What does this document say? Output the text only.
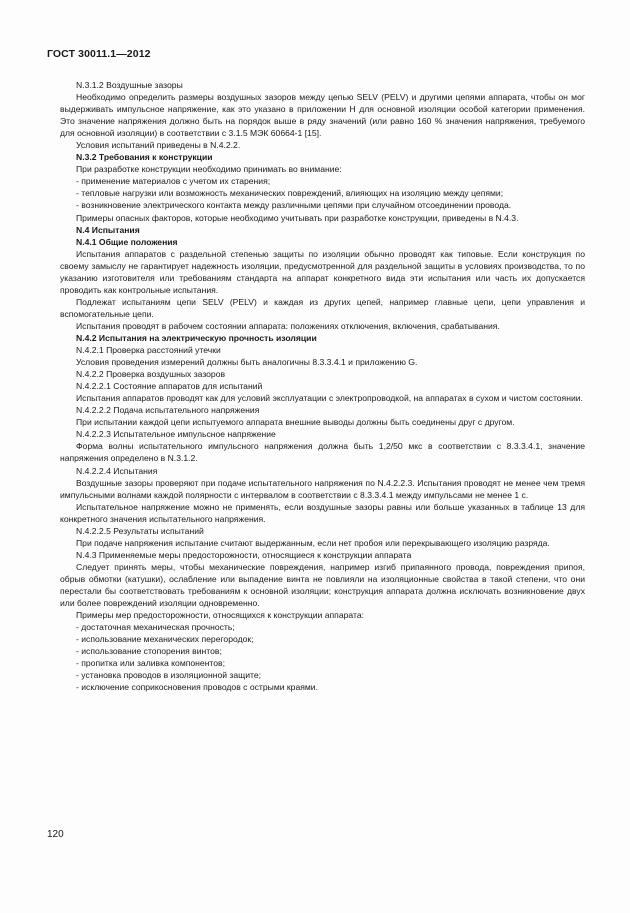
ГОСТ 30011.1—2012

N.3.1.2 Воздушные зазоры

Необходимо определить размеры воздушных зазоров между цепью SELV (PELV) и другими цепями аппарата, чтобы он мог выдерживать импульсное напряжение, как это указано в приложении Н для основной изоляции особой категории применения. Это значение напряжения должно быть на порядок выше в ряду значений (или равно 160 % значения напряжения, требуемого для основной изоляции) в соответствии с 3.1.5 МЭК 60664-1 [15].

Условия испытаний приведены в N.4.2.2.

N.3.2 Требования к конструкции

При разработке конструкции необходимо принимать во внимание:

- применение материалов с учетом их старения;

- тепловые нагрузки или возможность механических повреждений, влияющих на изоляцию между цепями;

- возникновение электрического контакта между различными цепями при случайном отсоединении провода.

Примеры опасных факторов, которые необходимо учитывать при разработке конструкции, приведены в N.4.3.

N.4 Испытания

N.4.1 Общие положения

Испытания аппаратов с раздельной степенью защиты по изоляции обычно проводят как типовые. Если конструкция по своему замыслу не гарантирует надежность изоляции, предусмотренной для раздельной защиты в условиях производства, то по указанию изготовителя или требованиям стандарта на аппарат конкретного вида эти испытания или часть их допускается проводить как контрольные испытания.

Подлежат испытаниям цепи SELV (PELV) и каждая из других цепей, например главные цепи, цепи управления и вспомогательные цепи.

Испытания проводят в рабочем состоянии аппарата: положениях отключения, включения, срабатывания.

N.4.2 Испытания на электрическую прочность изоляции

N.4.2.1 Проверка расстояний утечки

Условия проведения измерений должны быть аналогичны 8.3.3.4.1 и приложению G.

N.4.2.2 Проверка воздушных зазоров

N.4.2.2.1 Состояние аппаратов для испытаний

Испытания аппаратов проводят как для условий эксплуатации с электропроводкой, на аппаратах в сухом и чистом состоянии.

N.4.2.2.2 Подача испытательного напряжения

При испытании каждой цепи испытуемого аппарата внешние выводы должны быть соединены друг с другом.

N.4.2.2.3 Испытательное импульсное напряжение

Форма волны испытательного импульсного напряжения должна быть 1,2/50 мкс в соответствии с 8.3.3.4.1, значение напряжения определено в N.3.1.2.

N.4.2.2.4 Испытания

Воздушные зазоры проверяют при подаче испытательного напряжения по N.4.2.2.3. Испытания проводят не менее чем тремя импульсными волнами каждой полярности с интервалом в соответствии с 8.3.3.4.1 между импульсами не менее 1 с.

Испытательное напряжение можно не применять, если воздушные зазоры равны или больше указанных в таблице 13 для конкретного значения испытательного напряжения.

N.4.2.2.5 Результаты испытаний

При подаче напряжения испытание считают выдержанным, если нет пробоя или перекрывающего изоляцию разряда.

N.4.3 Применяемые меры предосторожности, относящиеся к конструкции аппарата

Следует принять меры, чтобы механические повреждения, например изгиб припаянного провода, повреждения припоя, обрыв обмотки (катушки), ослабление или выпадение винта не повлияли на изоляционные свойства в такой степени, что они перестали бы соответствовать требованиям к основной изоляции; конструкция аппарата должна исключать возникновение двух или более повреждений изоляции одновременно.

Примеры мер предосторожности, относящихся к конструкции аппарата:

- достаточная механическая прочность;

- использование механических перегородок;

- использование стопорения винтов;

- пропитка или заливка компонентов;

- установка проводов в изоляционной защите;

- исключение соприкосновения проводов с острыми краями.

120
